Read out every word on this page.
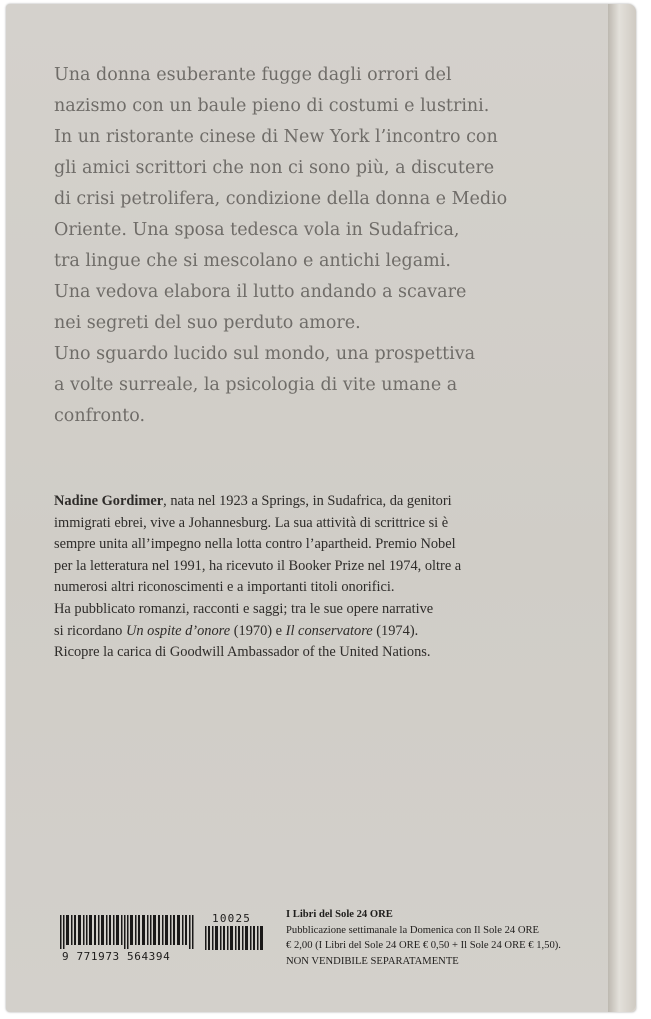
Una donna esuberante fugge dagli orrori del
nazismo con un baule pieno di costumi e lustrini.
In un ristorante cinese di New York l’incontro con
gli amici scrittori che non ci sono più, a discutere
di crisi petrolifera, condizione della donna e Medio
Oriente. Una sposa tedesca vola in Sudafrica,
tra lingue che si mescolano e antichi legami.
Una vedova elabora il lutto andando a scavare
nei segreti del suo perduto amore.
Uno sguardo lucido sul mondo, una prospettiva
a volte surreale, la psicologia di vite umane a
confronto.
Nadine Gordimer, nata nel 1923 a Springs, in Sudafrica, da genitori
immigrati ebrei, vive a Johannesburg. La sua attività di scrittrice si è
sempre unita all’impegno nella lotta contro l’apartheid. Premio Nobel
per la letteratura nel 1991, ha ricevuto il Booker Prize nel 1974, oltre a
numerosi altri riconoscimenti e a importanti titoli onorifici.
Ha pubblicato romanzi, racconti e saggi; tra le sue opere narrative
si ricordano Un ospite d’onore (1970) e Il conservatore (1974).
Ricopre la carica di Goodwill Ambassador of the United Nations.
9 771973 564394
10025	I Libri del Sole 24 ORE
Pubblicazione settimanale la Domenica con Il Sole 24 ORE
€ 2,00 (I Libri del Sole 24 ORE € 0,50 + Il Sole 24 ORE € 1,50).
NON VENDIBILE SEPARATAMENTE
